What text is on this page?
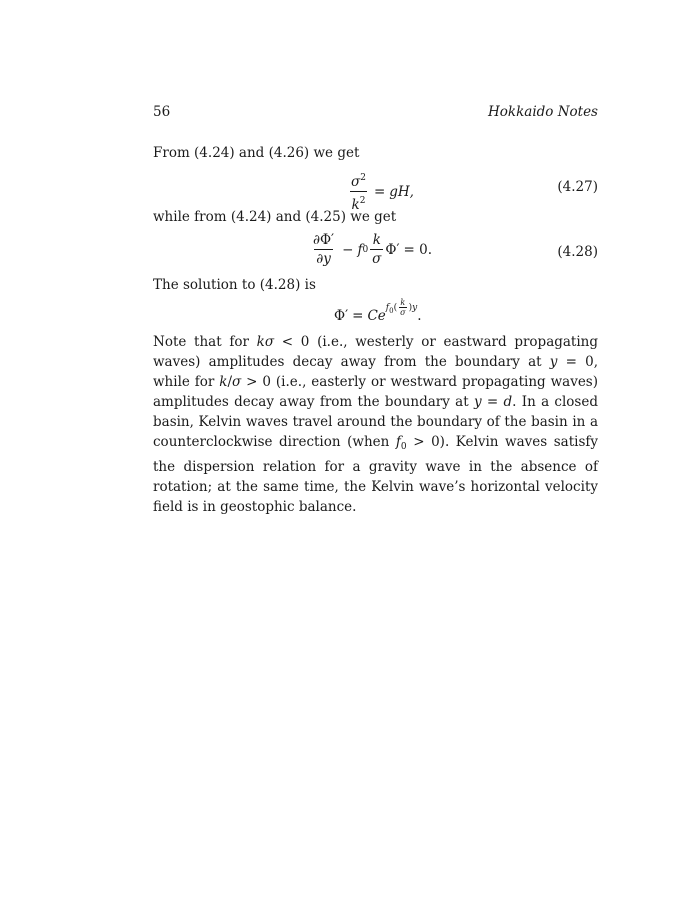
56	Hokkaido Notes
From (4.24) and (4.26) we get
$\frac{\sigma^2}{k^2}$ = gH,	(4.27)
while from (4.24) and (4.25) we get
$\frac{\partial\Phi'}{\partial y} - f$ $0 \frac{k}{\sigma} \Phi' = 0$.	(4.28)
The solution to (4.28) is
Φ′ = Ce f 0 ( $\frac{k}{\sigma}$ ) y .
Note that for kσ < 0 (i.e., westerly or eastward propagating waves) amplitudes decay away from the boundary at y = 0, while for k/σ > 0 (i.e., easterly or westward propagating waves) amplitudes decay away from the boundary at y = d. In a closed basin, Kelvin waves travel around the boundary of the basin in a counterclockwise direction (when $f_0 > 0$). Kelvin waves satisfy the dispersion relation for a gravity wave in the absence of rotation; at the same time, the Kelvin wave’s horizontal velocity field is in geostophic balance.
